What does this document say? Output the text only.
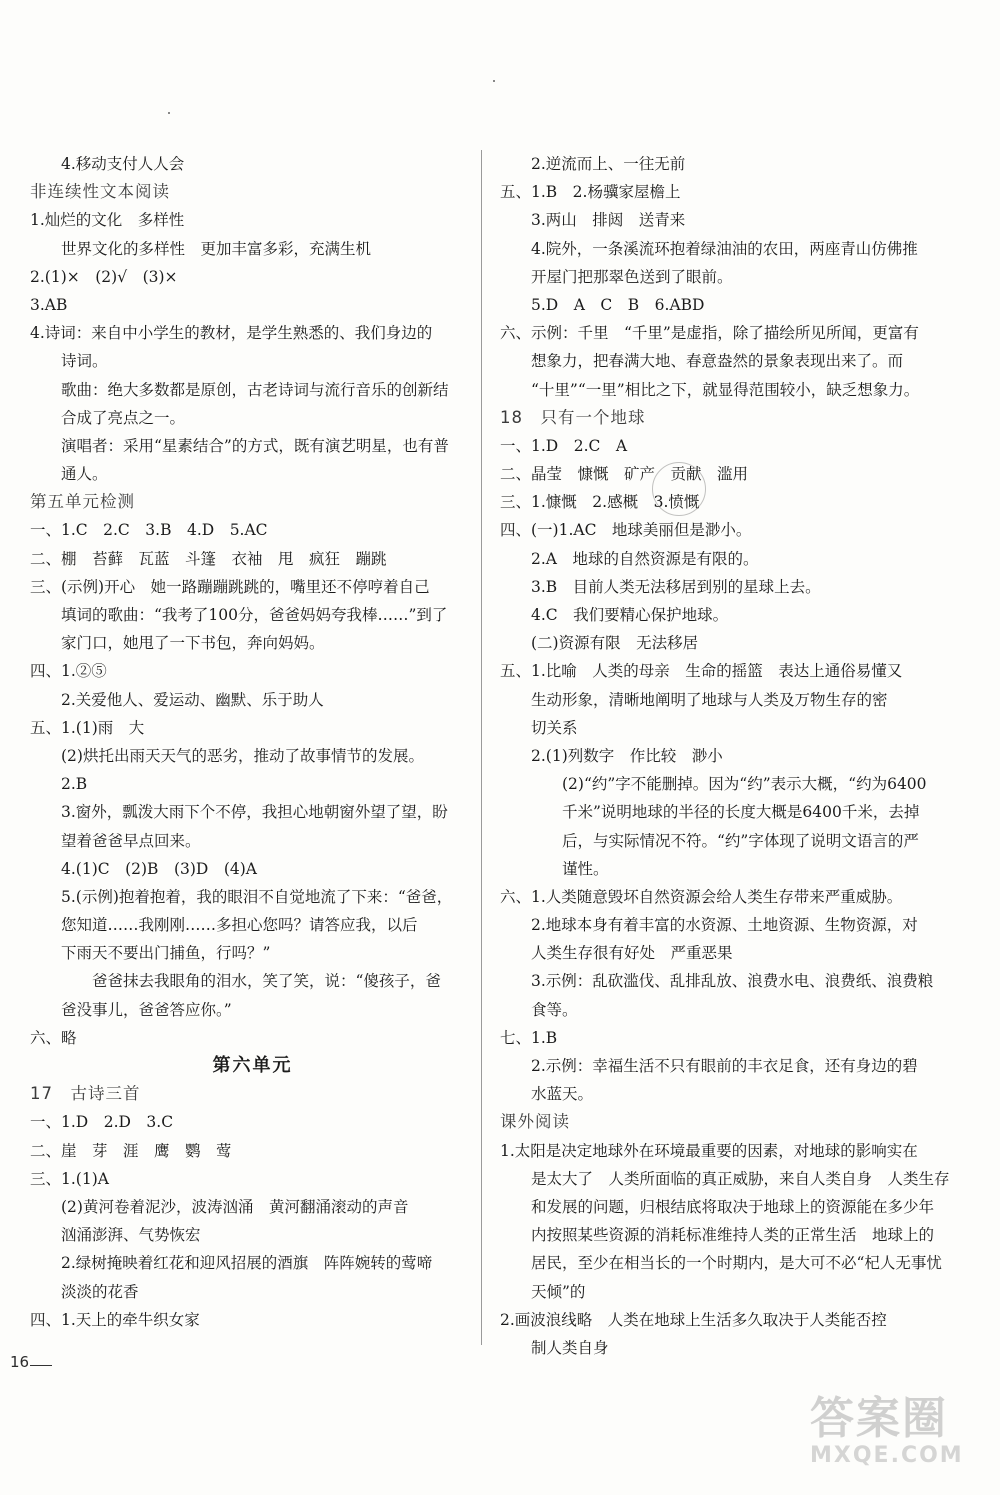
4.移动支付人人会
非连续性文本阅读
1.灿烂的文化　多样性
世界文化的多样性　更加丰富多彩，充满生机
2.(1)×　(2)√　(3)×
3.AB
4.诗词：来自中小学生的教材，是学生熟悉的、我们身边的
诗词。
歌曲：绝大多数都是原创，古老诗词与流行音乐的创新结
合成了亮点之一。
演唱者：采用“星素结合”的方式，既有演艺明星，也有普
通人。
第五单元检测
一、1.C　2.C　3.B　4.D　5.AC
二、棚　苔藓　瓦蓝　斗篷　衣袖　甩　疯狂　蹦跳
三、(示例)开心　她一路蹦蹦跳跳的，嘴里还不停哼着自己
填词的歌曲：“我考了100分，爸爸妈妈夸我棒……”到了
家门口，她甩了一下书包，奔向妈妈。
四、1.②⑤
2.关爱他人、爱运动、幽默、乐于助人
五、1.(1)雨　大
(2)烘托出雨天天气的恶劣，推动了故事情节的发展。
2.B
3.窗外，瓢泼大雨下个不停，我担心地朝窗外望了望，盼
望着爸爸早点回来。
4.(1)C　(2)B　(3)D　(4)A
5.(示例)抱着抱着，我的眼泪不自觉地流了下来：“爸爸，
您知道……我刚刚……多担心您吗？请答应我，以后
下雨天不要出门捕鱼，行吗？”
爸爸抹去我眼角的泪水，笑了笑，说：“傻孩子，爸
爸没事儿，爸爸答应你。”
六、略
第六单元
17　古诗三首
一、1.D　2.D　3.C
二、崖　芽　涯　鹰　鹦　莺
三、1.(1)A
(2)黄河卷着泥沙，波涛汹涌　黄河翻涌滚动的声音
汹涌澎湃、气势恢宏
2.绿树掩映着红花和迎风招展的酒旗　阵阵婉转的莺啼
淡淡的花香
四、1.天上的牵牛织女家
2.逆流而上、一往无前
五、1.B　2.杨骥家屋檐上
3.两山　排闼　送青来
4.院外，一条溪流环抱着绿油油的农田，两座青山仿佛推
开屋门把那翠色送到了眼前。
5.D　A　C　B　6.ABD
六、示例：千里　“千里”是虚指，除了描绘所见所闻，更富有
想象力，把春满大地、春意盎然的景象表现出来了。而
“十里”“一里”相比之下，就显得范围较小，缺乏想象力。
18　只有一个地球
一、1.D　2.C　A
二、晶莹　慷慨　矿产　贡献　滥用
三、1.慷慨　2.感概　3.愤慨
四、(一)1.AC　地球美丽但是渺小。
2.A　地球的自然资源是有限的。
3.B　目前人类无法移居到别的星球上去。
4.C　我们要精心保护地球。
(二)资源有限　无法移居
五、1.比喻　人类的母亲　生命的摇篮　表达上通俗易懂又
生动形象，清晰地阐明了地球与人类及万物生存的密
切关系
2.(1)列数字　作比较　渺小
(2)“约”字不能删掉。因为“约”表示大概，“约为6400
千米”说明地球的半径的长度大概是6400千米，去掉
后，与实际情况不符。“约”字体现了说明文语言的严
谨性。
六、1.人类随意毁坏自然资源会给人类生存带来严重威胁。
2.地球本身有着丰富的水资源、土地资源、生物资源，对
人类生存很有好处　严重恶果
3.示例：乱砍滥伐、乱排乱放、浪费水电、浪费纸、浪费粮
食等。
七、1.B
2.示例：幸福生活不只有眼前的丰衣足食，还有身边的碧
水蓝天。
课外阅读
1.太阳是决定地球外在环境最重要的因素，对地球的影响实在
是太大了　人类所面临的真正威胁，来自人类自身　人类生存
和发展的问题，归根结底将取决于地球上的资源能在多少年
内按照某些资源的消耗标准维持人类的正常生活　地球上的
居民，至少在相当长的一个时期内，是大可不必“杞人无事忧
天倾”的
2.画波浪线略　人类在地球上生活多久取决于人类能否控
制人类自身
16
答案圈
MXQE.COM
